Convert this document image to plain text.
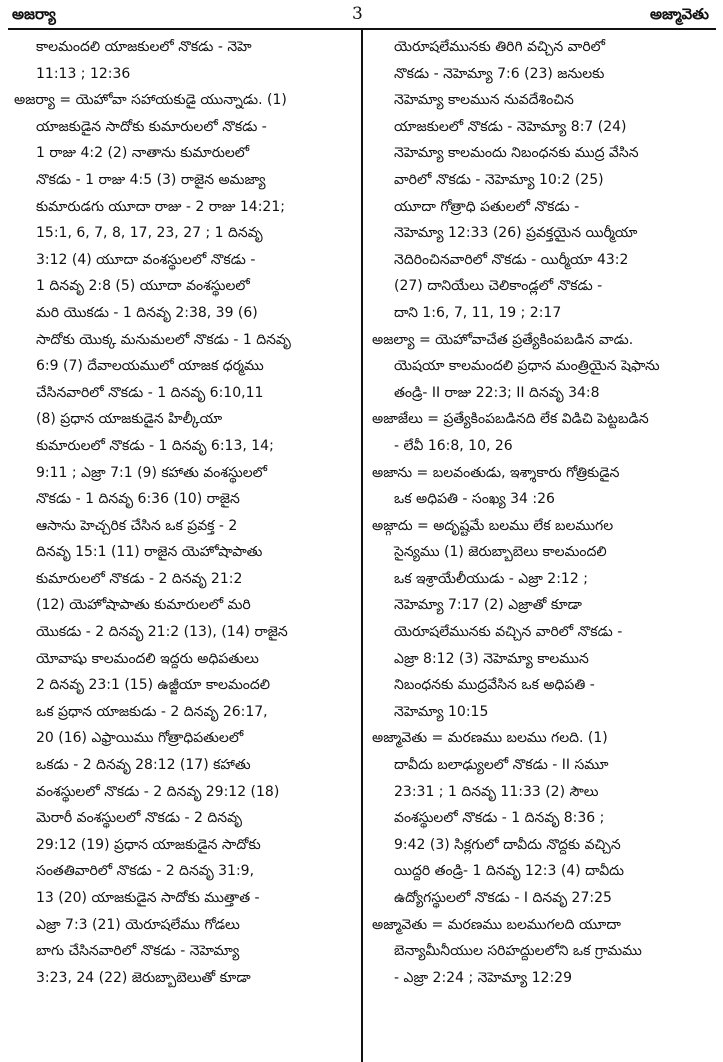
అజర్యా	3	అజ్మావెతు
కాలమందలి యాజకులలో నొకడు - నెహె
11:13 ; 12:36
అజర్యా = యెహోవా సహాయకుడై యున్నాడు. (1)
యాజకుడైన సాదోకు కుమారులలో నొకడు -
1 రాజు 4:2 (2) నాతాను కుమారులలో
నొకడు - 1 రాజు 4:5 (3) రాజైన అమజ్యా
కుమారుడగు యూదా రాజు - 2 రాజు 14:21;
15:1, 6, 7, 8, 17, 23, 27 ; 1 దినవృ
3:12 (4) యూదా వంశస్థులలో నొకడు -
1 దినవృ 2:8 (5) యూదా వంశస్థులలో
మరి యొకడు - 1 దినవృ 2:38, 39 (6)
సాదోకు యొక్క మనుమలలో నొకడు - 1 దినవృ
6:9 (7) దేవాలయములో యాజక ధర్మము
చేసినవారిలో నొకడు - 1 దినవృ 6:10,11
(8) ప్రధాన యాజకుడైన హిల్కీయా
కుమారులలో నొకడు - 1 దినవృ 6:13, 14;
9:11 ; ఎజ్రా 7:1 (9) కహాతు వంశస్థులలో
నొకడు - 1 దినవృ 6:36 (10) రాజైన
ఆసాను హెచ్చరిక చేసిన ఒక ప్రవక్త - 2
దినవృ 15:1 (11) రాజైన యెహోషాపాతు
కుమారులలో నొకడు - 2 దినవృ 21:2
(12) యెహోషాపాతు కుమారులలో మరి
యొకడు - 2 దినవృ 21:2 (13), (14) రాజైన
యోవాషు కాలమందలి ఇద్దరు అధిపతులు
2 దినవృ 23:1 (15) ఉజ్జీయా కాలమందలి
ఒక ప్రధాన యాజకుడు - 2 దినవృ 26:17,
20 (16) ఎఫ్రాయిము గోత్రాధిపతులలో
ఒకడు - 2 దినవృ 28:12 (17) కహాతు
వంశస్థులలో నొకడు - 2 దినవృ 29:12 (18)
మెరారీ వంశస్థులలో నొకడు - 2 దినవృ
29:12 (19) ప్రధాన యాజకుడైన సాదోకు
సంతతివారిలో నొకడు - 2 దినవృ 31:9,
13 (20) యాజకుడైన సాదోకు ముత్తాత -
ఎజ్రా 7:3 (21) యెరూషలేము గోడలు
బాగు చేసినవారిలో నొకడు - నెహెమ్యా
3:23, 24 (22) జెరుబ్బాబెలుతో కూడా
యెరూషలేమునకు తిరిగి వచ్చిన వారిలో
నొకడు - నెహెమ్యా 7:6 (23) జనులకు
నెహెమ్యా కాలమున నువదేశించిన
యాజకులలో నొకడు - నెహెమ్యా 8:7 (24)
నెహెమ్యా కాలమందు నిబంధనకు ముద్ర వేసిన
వారిలో నొకడు - నెహెమ్యా 10:2 (25)
యూదా గోత్రాధి పతులలో నొకడు -
నెహెమ్యా 12:33 (26) ప్రవక్తయైన యిర్మీయా
నెదిరించినవారిలో నొకడు - యిర్మీయా 43:2
(27) దానియేలు చెలికాండ్లలో నొకడు -
దాని 1:6, 7, 11, 19 ; 2:17
అజల్యా = యెహోవాచేత ప్రత్యేకింపబడిన వాడు.
యెషయా కాలమందలి ప్రధాన మంత్రియైన షెఫాను
తండ్రి- II రాజు 22:3; II దినవృ 34:8
అజాజేలు = ప్రత్యేకింపబడినది లేక విడిచి పెట్టబడిన
- లేవీ 16:8, 10, 26
అజాను = బలవంతుడు, ఇశ్శాకారు గోత్రికుడైన
ఒక అధిపతి - సంఖ్య 34 :26
అజ్గాదు = అదృష్టమే బలము లేక బలముగల
సైన్యము (1) జెరుబ్బాబెలు కాలమందలి
ఒక ఇశ్రాయేలీయుడు - ఎజ్రా 2:12 ;
నెహెమ్యా 7:17 (2) ఎజ్రాతో కూడా
యెరూషలేమునకు వచ్చిన వారిలో నొకడు -
ఎజ్రా 8:12 (3) నెహెమ్యా కాలమున
నిబంధనకు ముద్రవేసిన ఒక అధిపతి -
నెహెమ్యా 10:15
అజ్మావెతు = మరణము బలము గలది. (1)
దావీదు బలాఢ్యులలో నొకడు - II సమూ
23:31 ; 1 దినవృ 11:33 (2) సౌలు
వంశస్థులలో నొకడు - 1 దినవృ 8:36 ;
9:42 (3) సిక్లగులో దావీదు నొద్దకు వచ్చిన
యిద్దరి తండ్రి- 1 దినవృ 12:3 (4) దావీదు
ఉద్యోగస్థులలో నొకడు - I దినవృ 27:25
అజ్మావెతు = మరణము బలముగలది యూదా
బెన్యామీనీయుల సరిహద్దులలోని ఒక గ్రామము
- ఎజ్రా 2:24 ; నెహెమ్యా 12:29
